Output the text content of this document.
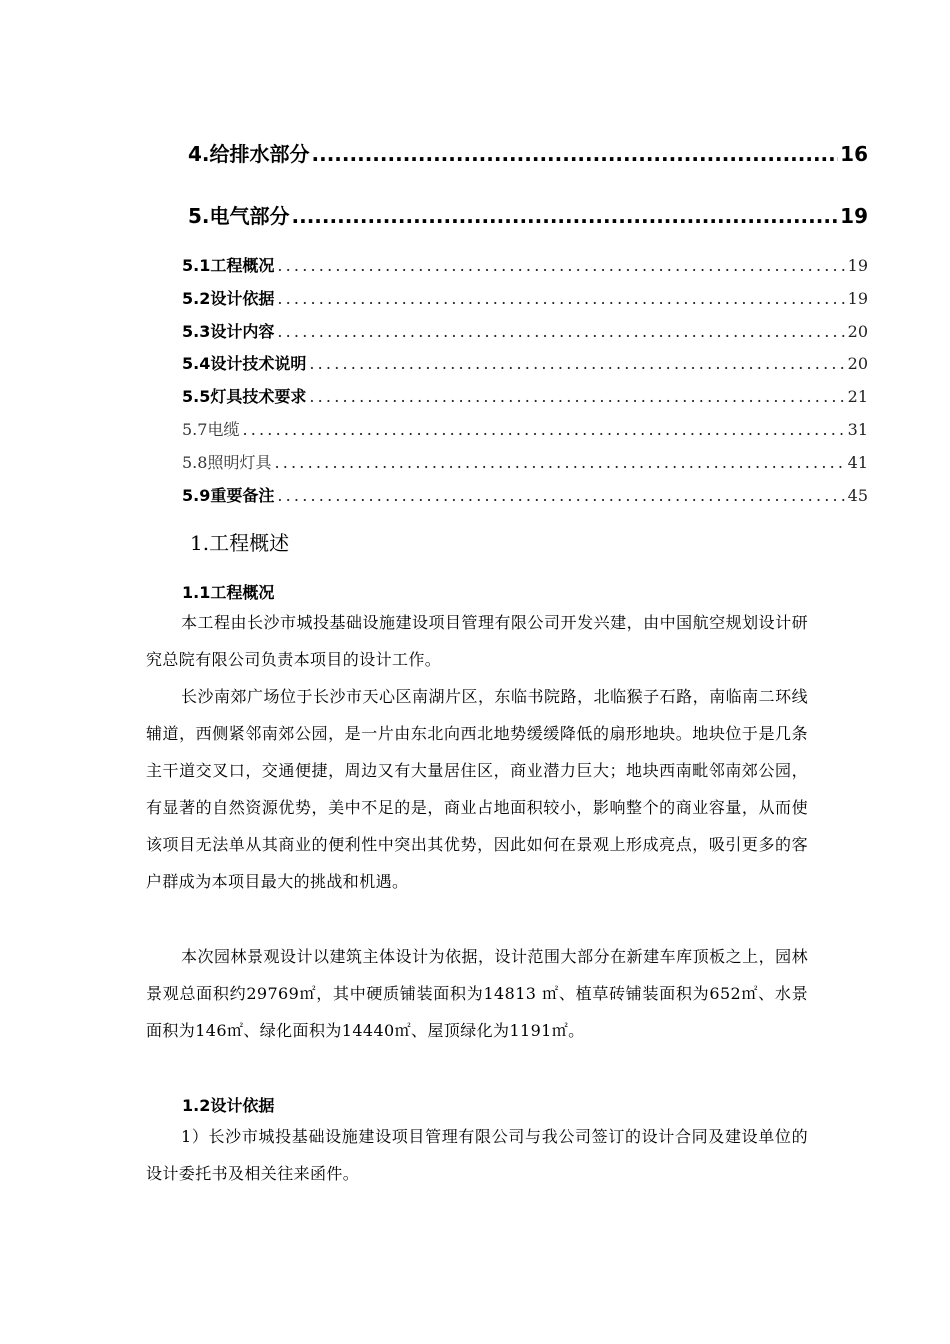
4.给排水部分 .....	16
5.电气部分 .....	19
5.1工程概况 .....	19
5.2设计依据 .....	19
5.3设计内容 .....	20
5.4设计技术说明 .....	20
5.5灯具技术要求 .....	21
5.7电缆 .....	31
5.8照明灯具 .....	41
5.9重要备注 .....	45
1.工程概述
1.1工程概况
本工程由长沙市城投基础设施建设项目管理有限公司开发兴建，由中国航空规划设计研究总院有限公司负责本项目的设计工作。
长沙南郊广场位于长沙市天心区南湖片区，东临书院路，北临猴子石路，南临南二环线辅道，西侧紧邻南郊公园，是一片由东北向西北地势缓缓降低的扇形地块。地块位于是几条主干道交叉口，交通便捷，周边又有大量居住区，商业潜力巨大；地块西南毗邻南郊公园，有显著的自然资源优势，美中不足的是，商业占地面积较小，影响整个的商业容量，从而使该项目无法单从其商业的便利性中突出其优势，因此如何在景观上形成亮点，吸引更多的客户群成为本项目最大的挑战和机遇。
本次园林景观设计以建筑主体设计为依据，设计范围大部分在新建车库顶板之上，园林景观总面积约29769㎡，其中硬质铺装面积为14813 ㎡、植草砖铺装面积为652㎡、水景面积为146㎡、绿化面积为14440㎡、屋顶绿化为1191㎡。
1.2设计依据
1）长沙市城投基础设施建设项目管理有限公司与我公司签订的设计合同及建设单位的设计委托书及相关往来函件。
